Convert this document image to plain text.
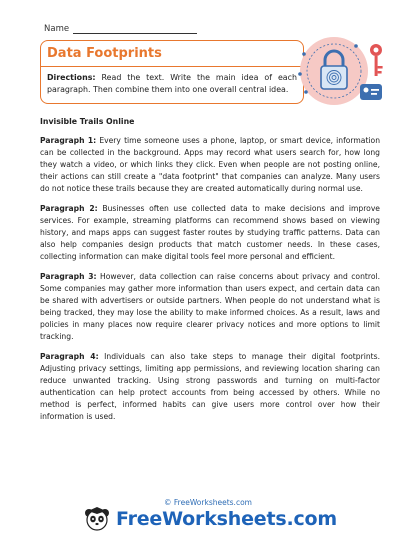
Name
Data Footprints
Directions: Read the text. Write the main idea of each paragraph. Then combine them into one overall central idea.
Invisible Trails Online

Paragraph 1: Every time someone uses a phone, laptop, or smart device, information can be collected in the background. Apps may record what users search for, how long they watch a video, or which links they click. Even when people are not posting online, their actions can still create a "data footprint" that companies can analyze. Many users do not notice these trails because they are created automatically during normal use.

Paragraph 2: Businesses often use collected data to make decisions and improve services. For example, streaming platforms can recommend shows based on viewing history, and maps apps can suggest faster routes by studying traffic patterns. Data can also help companies design products that match customer needs. In these cases, collecting information can make digital tools feel more personal and efficient.

Paragraph 3: However, data collection can raise concerns about privacy and control. Some companies may gather more information than users expect, and certain data can be shared with advertisers or outside partners. When people do not understand what is being tracked, they may lose the ability to make informed choices. As a result, laws and policies in many places now require clearer privacy notices and more options to limit tracking.

Paragraph 4: Individuals can also take steps to manage their digital footprints. Adjusting privacy settings, limiting app permissions, and reviewing location sharing can reduce unwanted tracking. Using strong passwords and turning on multi-factor authentication can help protect accounts from being accessed by others. While no method is perfect, informed habits can give users more control over how their information is used.

© FreeWorksheets.com
FreeWorksheets.com
